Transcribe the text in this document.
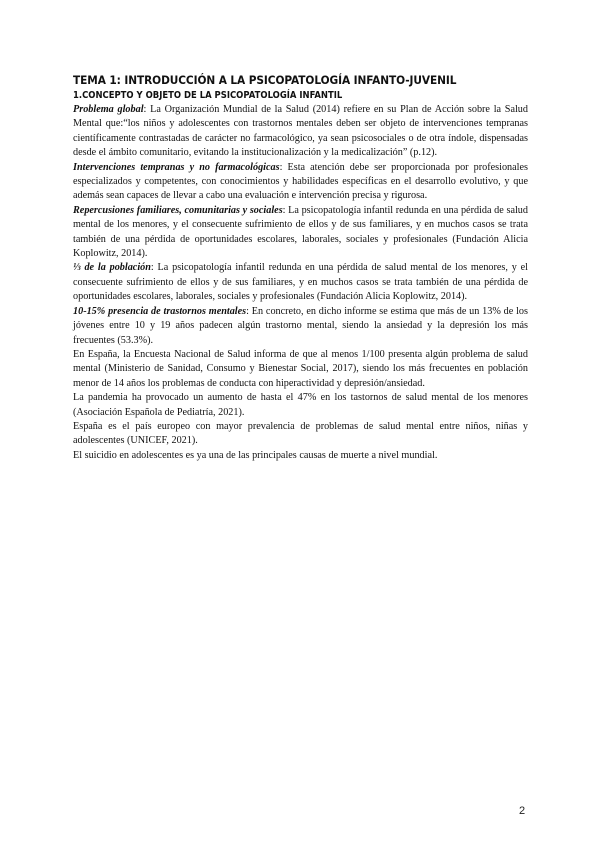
TEMA 1: INTRODUCCIÓN A LA PSICOPATOLOGÍA INFANTO-JUVENIL
1.CONCEPTO Y OBJETO DE LA PSICOPATOLOGÍA INFANTIL

Problema global: La Organización Mundial de la Salud (2014) refiere en su Plan de Acción sobre la Salud Mental que:“los niños y adolescentes con trastornos mentales deben ser objeto de intervenciones tempranas científicamente contrastadas de carácter no farmacológico, ya sean psicosociales o de otra índole, dispensadas desde el ámbito comunitario, evitando la institucionalización y la medicalización” (p.12).

Intervenciones tempranas y no farmacológicas: Esta atención debe ser proporcionada por profesionales especializados y competentes, con conocimientos y habilidades específicas en el desarrollo evolutivo, y que además sean capaces de llevar a cabo una evaluación e intervención precisa y rigurosa.

Repercusiones familiares, comunitarias y sociales: La psicopatología infantil redunda en una pérdida de salud mental de los menores, y el consecuente sufrimiento de ellos y de sus familiares, y en muchos casos se trata también de una pérdida de oportunidades escolares, laborales, sociales y profesionales (Fundación Alicia Koplowitz, 2014).

⅓ de la población: La psicopatología infantil redunda en una pérdida de salud mental de los menores, y el consecuente sufrimiento de ellos y de sus familiares, y en muchos casos se trata también de una pérdida de oportunidades escolares, laborales, sociales y profesionales (Fundación Alicia Koplowitz, 2014).

10-15% presencia de trastornos mentales: En concreto, en dicho informe se estima que más de un 13% de los jóvenes entre 10 y 19 años padecen algún trastorno mental, siendo la ansiedad y la depresión los más frecuentes (53.3%).

En España, la Encuesta Nacional de Salud informa de que al menos 1/100 presenta algún problema de salud mental (Ministerio de Sanidad, Consumo y Bienestar Social, 2017), siendo los más frecuentes en población menor de 14 años los problemas de conducta con hiperactividad y depresión/ansiedad.

La pandemia ha provocado un aumento de hasta el 47% en los tastornos de salud mental de los menores (Asociación Española de Pediatría, 2021).

España es el país europeo con mayor prevalencia de problemas de salud mental entre niños, niñas y adolescentes (UNICEF, 2021).

El suicidio en adolescentes es ya una de las principales causas de muerte a nivel mundial.

2
